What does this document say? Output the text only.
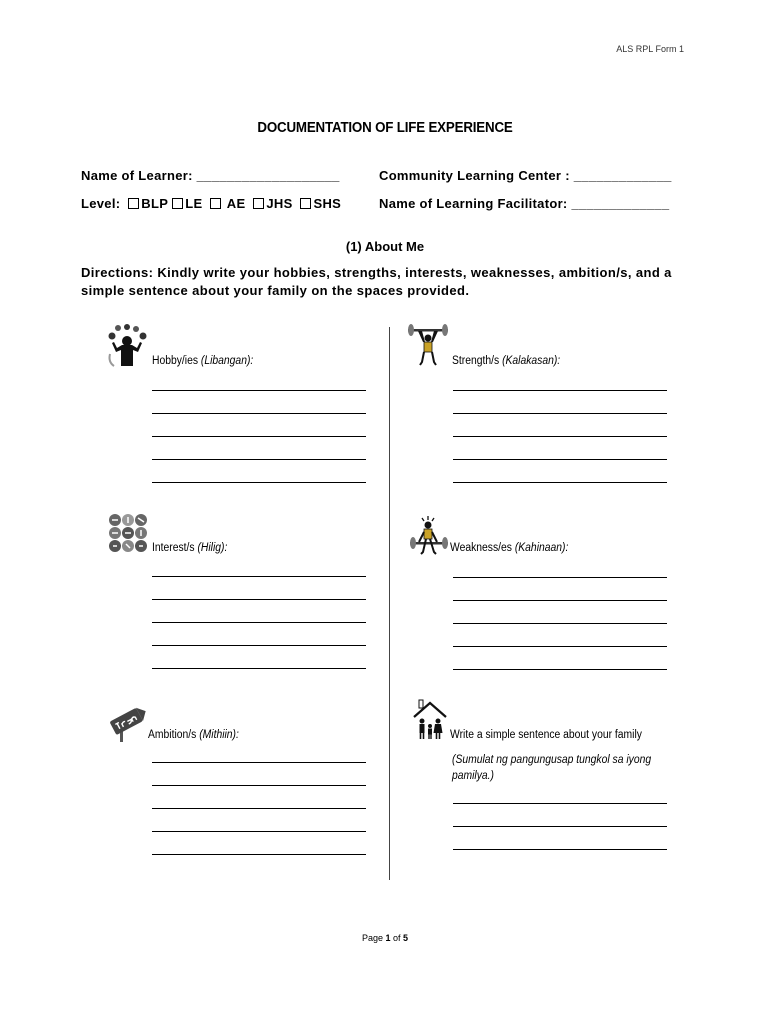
ALS RPL Form 1
DOCUMENTATION OF LIFE EXPERIENCE
Name of Learner: ___________________	Community Learning Center : _____________
Level: BLP LE  AE JHS SHS	Name of Learning Facilitator: _____________
(1) About Me
Directions: Kindly write your hobbies, strengths, interests, weaknesses, ambition/s, and a simple sentence about your family on the spaces provided.
Hobby/ies (Libangan):	Strength/s (Kalakasan):
Interest/s (Hilig):	Weakness/es (Kahinaan):
Ambition/s (Mithiin):	Write a simple sentence about your family
(Sumulat ng pangungusap tungkol sa iyong pamilya.)
Page 1 of 5
